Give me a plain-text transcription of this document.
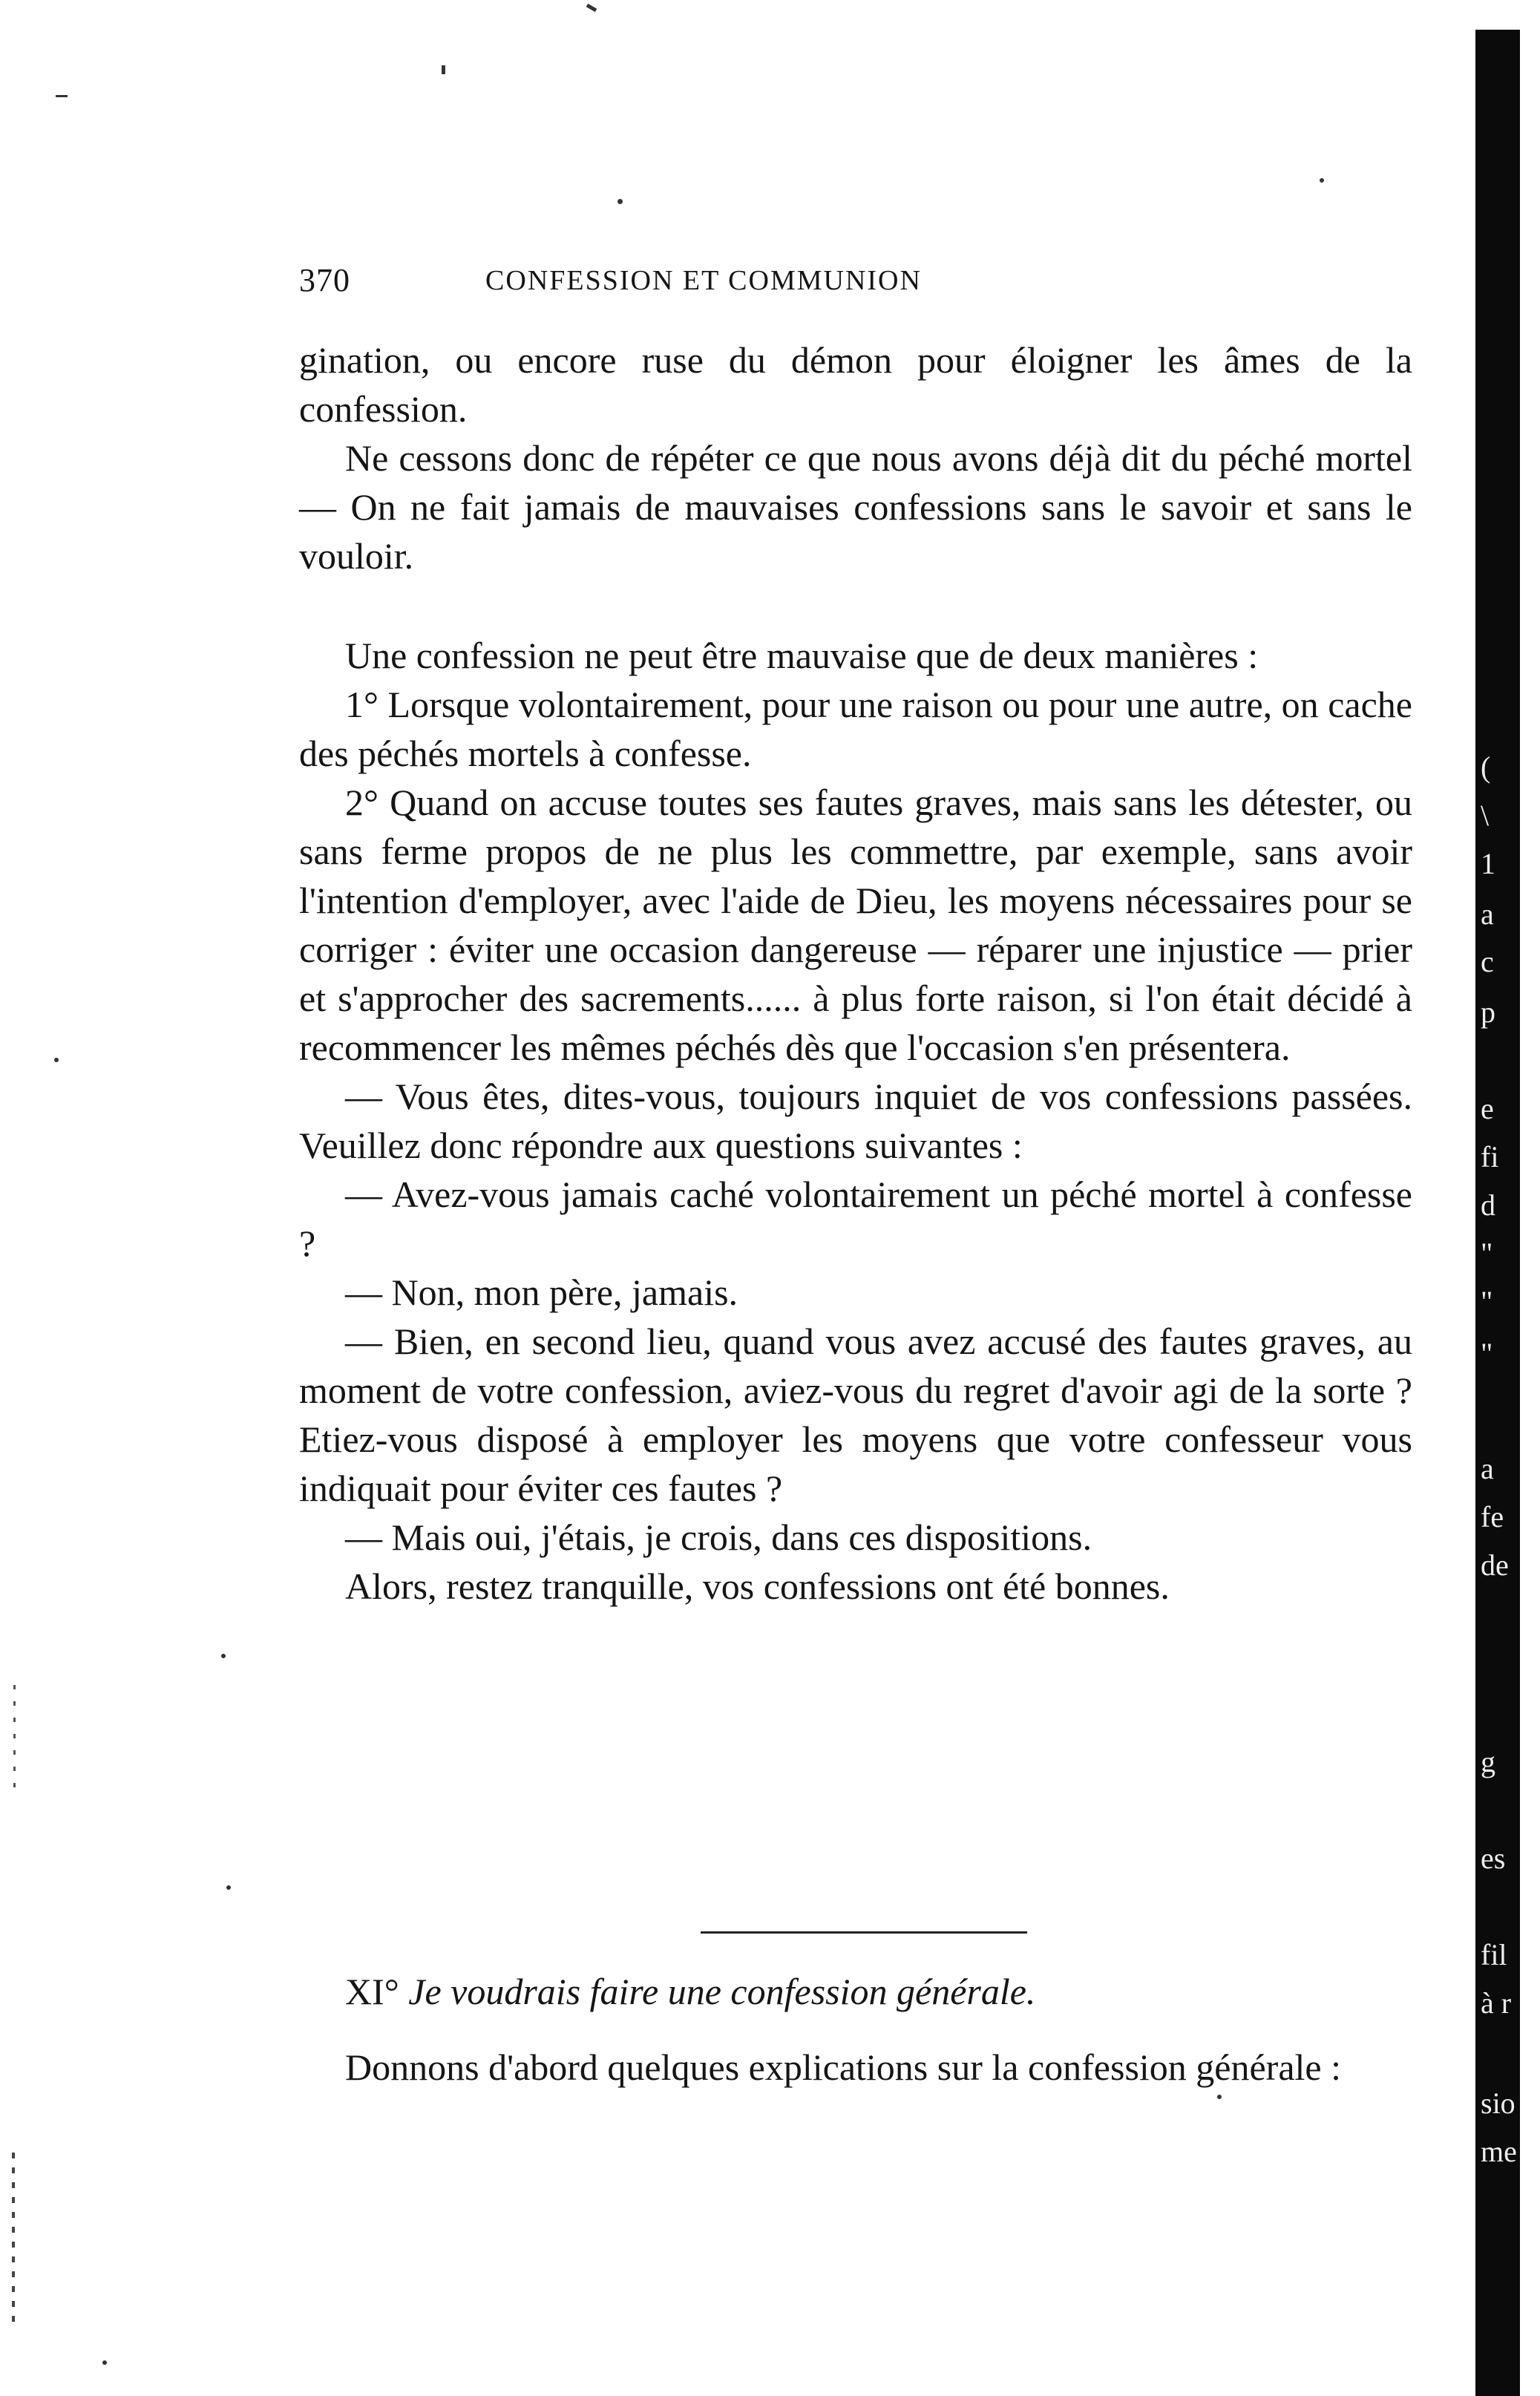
370	CONFESSION ET COMMUNION

gination, ou encore ruse du démon pour éloigner les âmes de la confession.

Ne cessons donc de répéter ce que nous avons déjà dit du péché mortel — On ne fait jamais de mauvaises confessions sans le savoir et sans le vouloir.

Une confession ne peut être mauvaise que de deux manières :

1° Lorsque volontairement, pour une raison ou pour une autre, on cache des péchés mortels à confesse.

2° Quand on accuse toutes ses fautes graves, mais sans les détester, ou sans ferme propos de ne plus les commettre, par exemple, sans avoir l'intention d'employer, avec l'aide de Dieu, les moyens nécessaires pour se corriger : éviter une occasion dangereuse — réparer une injustice — prier et s'approcher des sacrements...... à plus forte raison, si l'on était décidé à recommencer les mêmes péchés dès que l'occasion s'en présentera.

— Vous êtes, dites-vous, toujours inquiet de vos confessions passées. Veuillez donc répondre aux questions suivantes :

— Avez-vous jamais caché volontairement un péché mortel à confesse ?

— Non, mon père, jamais.

— Bien, en second lieu, quand vous avez accusé des fautes graves, au moment de votre confession, aviez-vous du regret d'avoir agi de la sorte ? Etiez-vous disposé à employer les moyens que votre confesseur vous indiquait pour éviter ces fautes ?

— Mais oui, j'étais, je crois, dans ces dispositions.

Alors, restez tranquille, vos confessions ont été bonnes.

XI° Je voudrais faire une confession générale.

Donnons d'abord quelques explications sur la confession générale :

(
\
1
a
c
p
e
fi
d
"
"
"
a
fe
de
g
es
fil
à r
sio
me
